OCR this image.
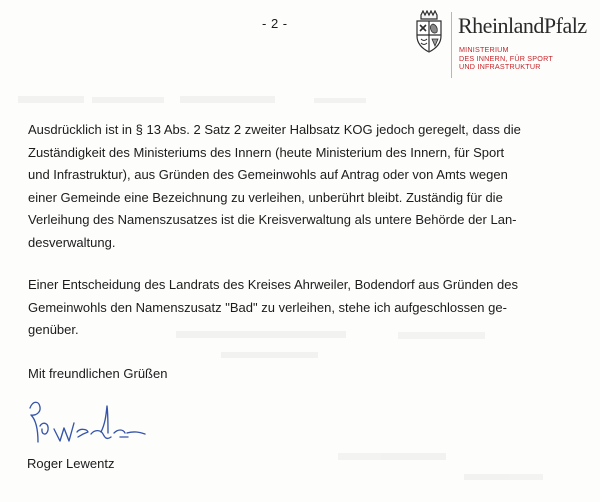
- 2 -	RheinlandPfalz
MINISTERIUM
DES INNERN, FÜR SPORT
UND INFRASTRUKTUR

Ausdrücklich ist in § 13 Abs. 2 Satz 2 zweiter Halbsatz KOG jedoch geregelt, dass die
Zuständigkeit des Ministeriums des Innern (heute Ministerium des Innern, für Sport
und Infrastruktur), aus Gründen des Gemeinwohls auf Antrag oder von Amts wegen
einer Gemeinde eine Bezeichnung zu verleihen, unberührt bleibt. Zuständig für die
Verleihung des Namenszusatzes ist die Kreisverwaltung als untere Behörde der Lan-
desverwaltung.

Einer Entscheidung des Landrats des Kreises Ahrweiler, Bodendorf aus Gründen des
Gemeinwohls den Namenszusatz "Bad" zu verleihen, stehe ich aufgeschlossen ge-
genüber.

Mit freundlichen Grüßen
Roger Lewentz
